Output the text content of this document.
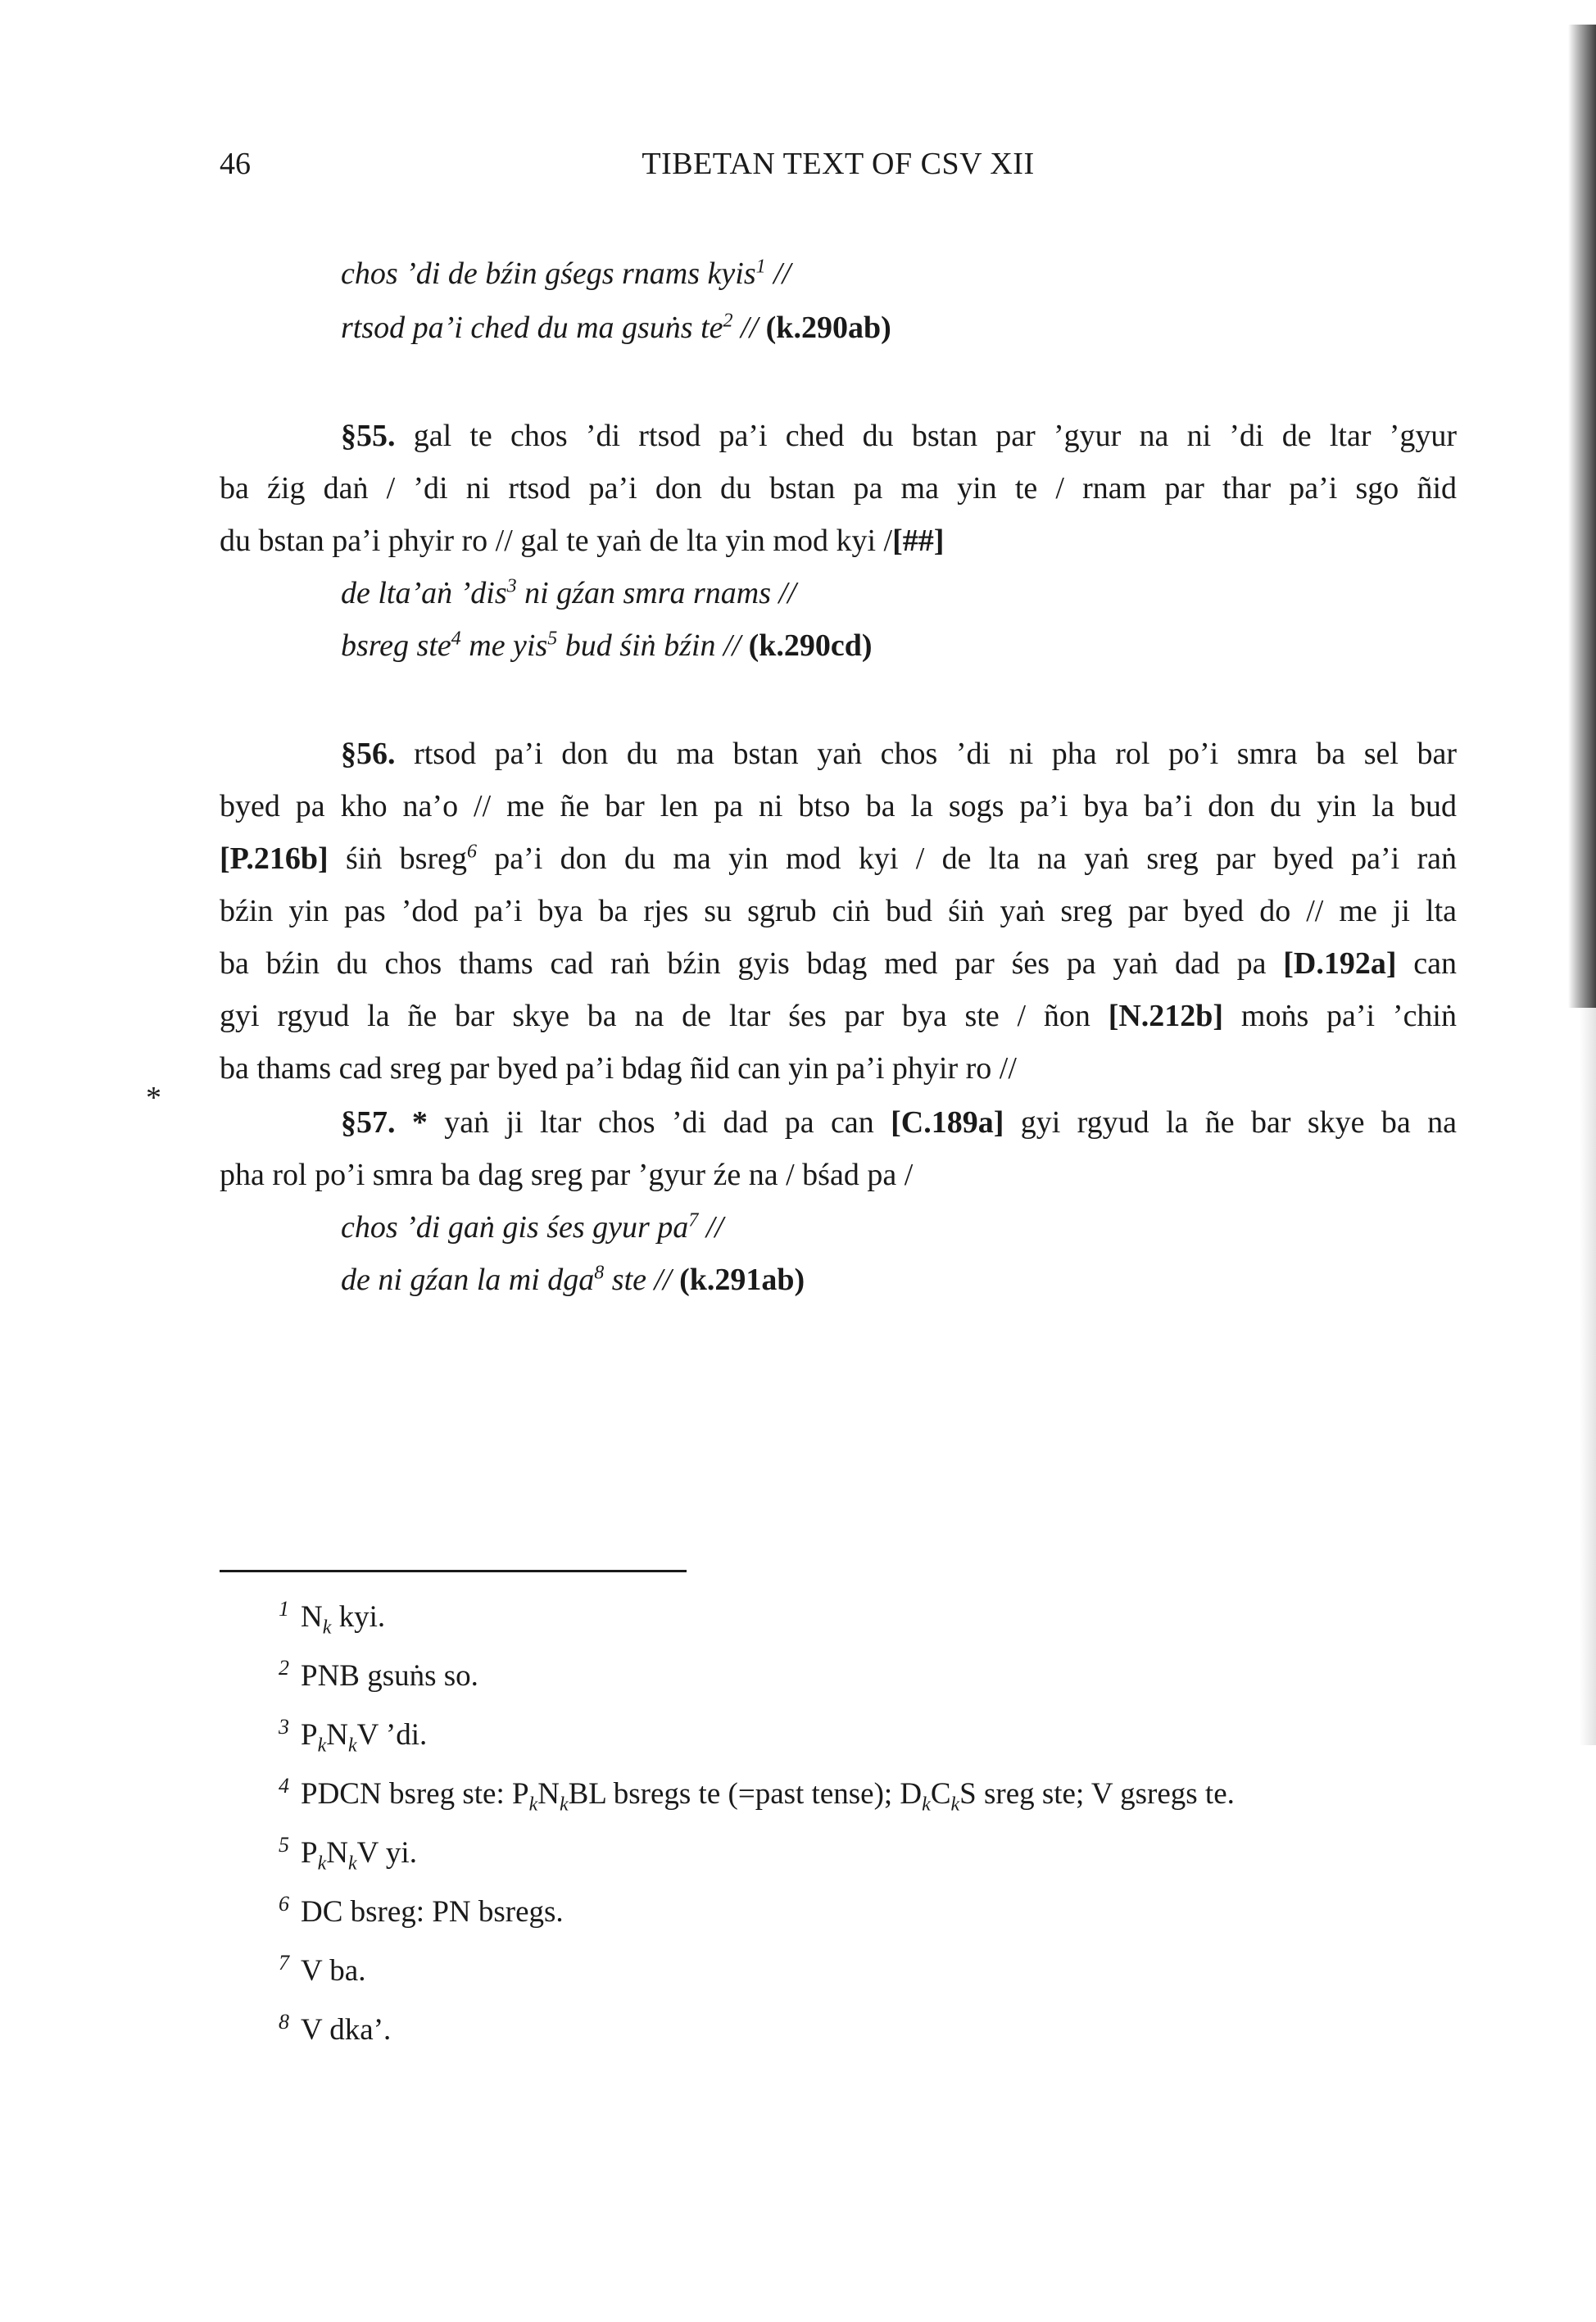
46	TIBETAN TEXT OF CSV XII
chos ’di de bźin gśegs rnams kyis$^1$ //
rtsod pa’i ched du ma gsuṅs $te^2 // (k.290ab)$
§55. gal te chos ’di rtsod pa’i ched du bstan par ’gyur na ni ’di de ltar ’gyur
ba źig daṅ / ’di ni rtsod pa’i don du bstan pa ma yin te / rnam par thar pa’i sgo ñid
du bstan pa’i phyir ro // gal te yaṅ de lta yin mod kyi /[##]
de lta’aṅ ’dis$^3$ ni gźan smra rnams //
bsreg ste$^4$ me yis$^5$ bud śiṅ bźin // (k.290cd)
§56. rtsod pa’i don du ma bstan yaṅ chos ’di ni pha rol po’i smra ba sel bar
byed pa kho na’o // me ñe bar len pa ni btso ba la sogs pa’i bya ba’i don du yin la bud
[P.216b] śiṅ bsreg$^6$ pa’i don du ma yin mod kyi / de lta na yaṅ sreg par byed pa’i raṅ
bźin yin pas ’dod pa’i bya ba rjes su sgrub ciṅ bud śiṅ yaṅ sreg par byed do // me ji lta
ba bźin du chos thams cad raṅ bźin gyis bdag med par śes pa yaṅ dad pa [D.192a] can
gyi rgyud la ñe bar skye ba na de ltar śes par bya ste / ñon [N.212b] moṅs pa’i ’chiṅ
ba thams cad sreg par byed pa’i bdag ñid can yin pa’i phyir ro //
*
§57. * yaṅ ji ltar chos ’di dad pa can [C.189a] gyi rgyud la ñe bar skye ba na
pha rol po’i smra ba dag sreg par ’gyur źe na / bśad pa /
chos ’di gaṅ gis śes gyur $pa^7$ //
de ni gźan la mi dga$^8$ ste // (k.291ab)
$^1$ $N_k$ kyi.
$^2$ PNB gsuṅs so.
$^3$ $P_kN_kV$ ’di.
$^4$ PDCN bsreg ste: $P_kN_kBL$ bsregs te (=past tense); $D_kC_kS$ sreg ste; V gsregs te.
$^5$ $P_kN_kV$ yi.
$^6$ DC bsreg: PN bsregs.
$^7$ V ba.
$^8$ V dka’.
